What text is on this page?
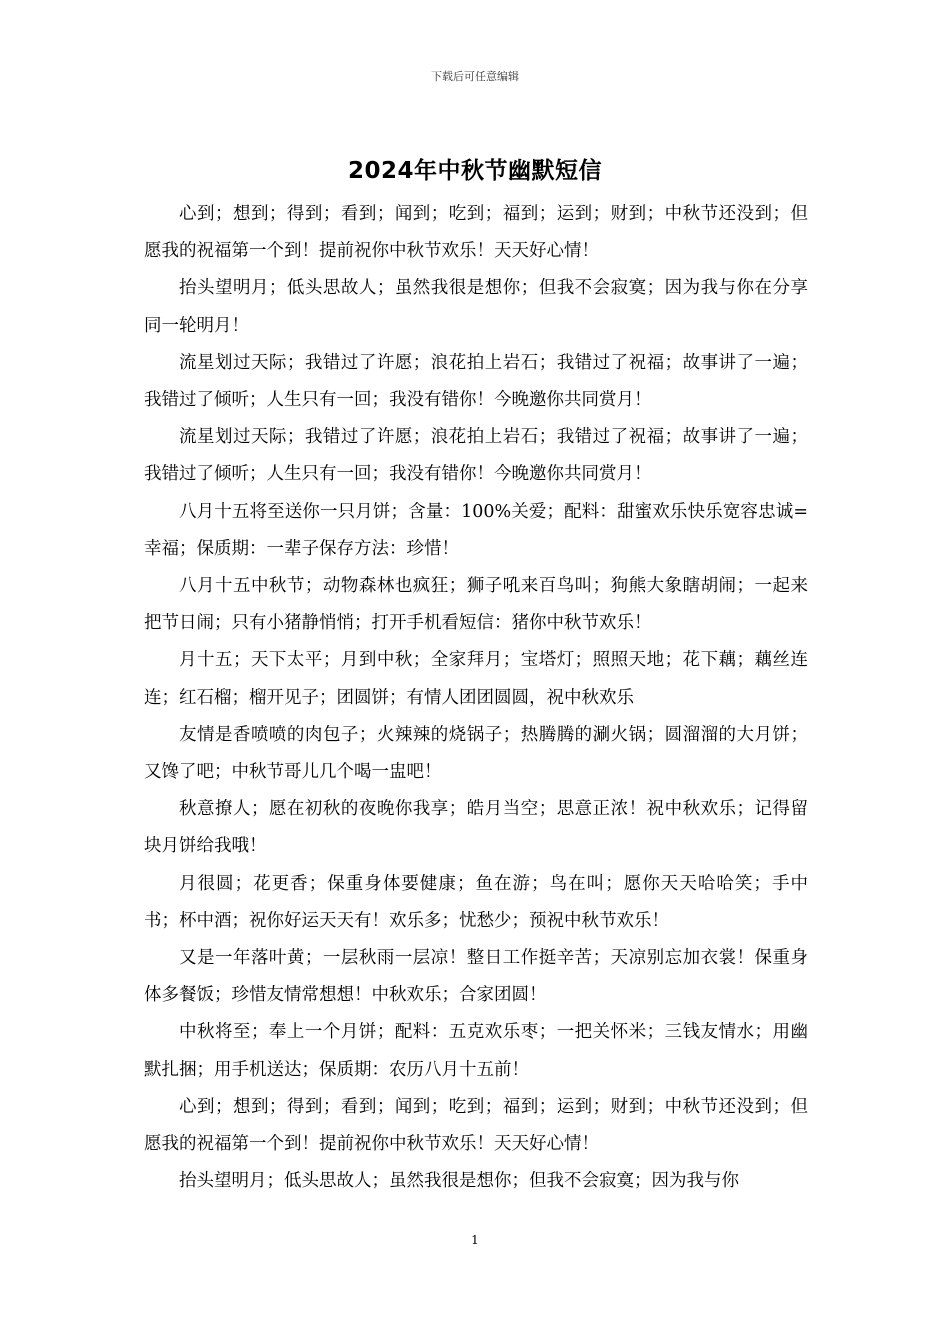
下载后可任意编辑
2024年中秋节幽默短信

心到；想到；得到；看到；闻到；吃到；福到；运到；财到；中秋节还没到；但愿我的祝福第一个到！提前祝你中秋节欢乐！天天好心情！

抬头望明月；低头思故人；虽然我很是想你；但我不会寂寞；因为我与你在分享同一轮明月！

流星划过天际；我错过了许愿；浪花拍上岩石；我错过了祝福；故事讲了一遍；我错过了倾听；人生只有一回；我没有错你！今晚邀你共同赏月！

流星划过天际；我错过了许愿；浪花拍上岩石；我错过了祝福；故事讲了一遍；我错过了倾听；人生只有一回；我没有错你！今晚邀你共同赏月！

八月十五将至送你一只月饼；含量：100%关爱；配料：甜蜜欢乐快乐宽容忠诚=幸福；保质期：一辈子保存方法：珍惜！

八月十五中秋节；动物森林也疯狂；狮子吼来百鸟叫；狗熊大象瞎胡闹；一起来把节日闹；只有小猪静悄悄；打开手机看短信：猪你中秋节欢乐！

月十五；天下太平；月到中秋；全家拜月；宝塔灯；照照天地；花下藕；藕丝连连；红石榴；榴开见子；团圆饼；有情人团团圆圆，祝中秋欢乐

友情是香喷喷的肉包子；火辣辣的烧锅子；热腾腾的涮火锅；圆溜溜的大月饼；又馋了吧；中秋节哥儿几个喝一盅吧！

秋意撩人；愿在初秋的夜晚你我享；皓月当空；思意正浓！祝中秋欢乐；记得留块月饼给我哦！

月很圆；花更香；保重身体要健康；鱼在游；鸟在叫；愿你天天哈哈笑；手中书；杯中酒；祝你好运天天有！欢乐多；忧愁少；预祝中秋节欢乐！

又是一年落叶黄；一层秋雨一层凉！整日工作挺辛苦；天凉别忘加衣裳！保重身体多餐饭；珍惜友情常想想！中秋欢乐；合家团圆！

中秋将至；奉上一个月饼；配料：五克欢乐枣；一把关怀米；三钱友情水；用幽默扎捆；用手机送达；保质期：农历八月十五前！

心到；想到；得到；看到；闻到；吃到；福到；运到；财到；中秋节还没到；但愿我的祝福第一个到！提前祝你中秋节欢乐！天天好心情！

抬头望明月；低头思故人；虽然我很是想你；但我不会寂寞；因为我与你

1
